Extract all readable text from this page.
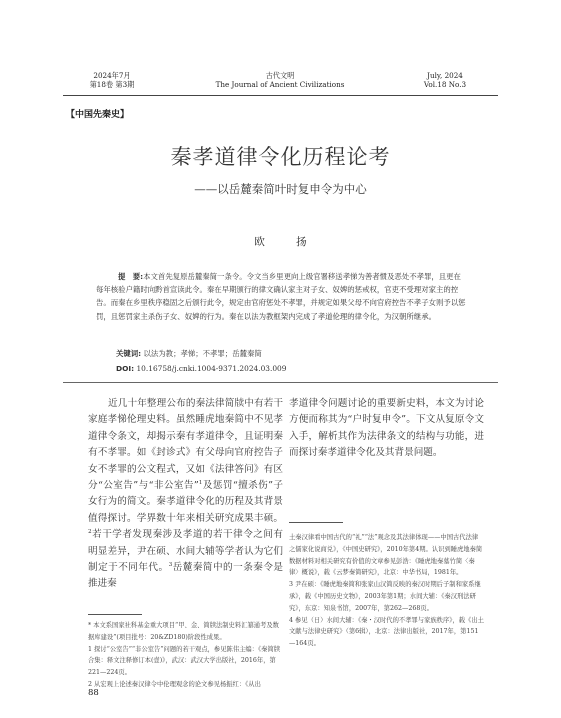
2024年7月
第18卷 第3期
古代文明
The Journal of Ancient Civilizations
July, 2024
Vol.18 No.3
【中国先秦史】
秦孝道律令化历程论考
——以岳麓秦简叶时复申令为中心
欧 扬

提　要:本文首先复原岳麓秦简一条令。令文当乡里更向上级官署移送孝悌为善者惯及恶处不孝罪，且更在每年核验户籍时向黔首宣读此令。秦在早期颁行的律文确认家主对子女、奴婢的惩戒权，官吏不受理对家主的控告。而秦在乡里秩序稳固之后颁行此令，规定由官府惩处不孝罪，并规定如果父母不向官府控告不孝子女则予以惩罚，且惩罚家主杀伤子女、奴婢的行为。秦在以法为教框架内完成了孝道伦理的律令化，为汉朝所继承。

关键词: 以法为教；孝悌；不孝罪；岳麓秦简
DOI: 10.16758/j.cnki.1004-9371.2024.03.009

近几十年整理公布的秦法律简牍中有若干家庭孝悌伦理史料。虽然睡虎地秦简中不见孝道律令条文，却揭示秦有孝道律令，且证明秦有不孝罪。如《封诊式》有父母向官府控告子女不孝罪的公文程式，又如《法律答问》有区分“公室告”与“非公室告”$^1$及惩罚“擅杀伤”子女行为的简文。秦孝道律令化的历程及其背景值得探讨。学界数十年来相关研究成果丰硕。$^2$若干学者发现秦涉及孝道的若干律令之间有明显差异，尹在硕、水间大辅等学者认为它们制定于不同年代。$^3$岳麓秦简中的一条秦令是推进秦

孝道律令问题讨论的重要新史料，本文为讨论方便而称其为“户时复申令”。下文从复原令文入手，解析其作为法律条文的结构与功能，进而探讨秦孝道律令化及其背景问题。

* 本文系国家社科基金重大项目“甲、金、简牍法制史料汇纂通考及数据库建设”(项目批号：20&ZD180)阶段性成果。

1 探讨“公室告”“非公室告”问题的若干观点，参见陈伟主编：《秦简牍合集：释文注释修订本(壹)》，武汉：武汉大学出版社，2016年，第221—224页。

2 从宏观上论述秦汉律令中伦理观念的论文参见杨振红：《从出

土秦汉律看中国古代的“礼”“法”观念及其法律体现——中国古代法律之儒家化说商兑》，《中国史研究》，2010年第4期。认识到睡虎地秦简数据材料对相关研究有价值的文章参见彭浩：《睡虎地秦墓竹简〈秦律〉概说》，载《云梦秦简研究》，北京：中华书局，1981年。

3 尹在硕：《睡虎地秦简和张家山汉简反映的秦汉时期后子制和家系继承》，载《中国历史文物》，2003年第1期；水间大辅：《秦汉刑法研究》，东京：知泉书馆，2007年，第262—268页。

4 参见（日）水间大辅：《秦・汉时代的不孝罪与家族秩序》，载《出土文献与法律史研究》（第6辑），北京：法律出版社，2017年，第151—164页。

88
